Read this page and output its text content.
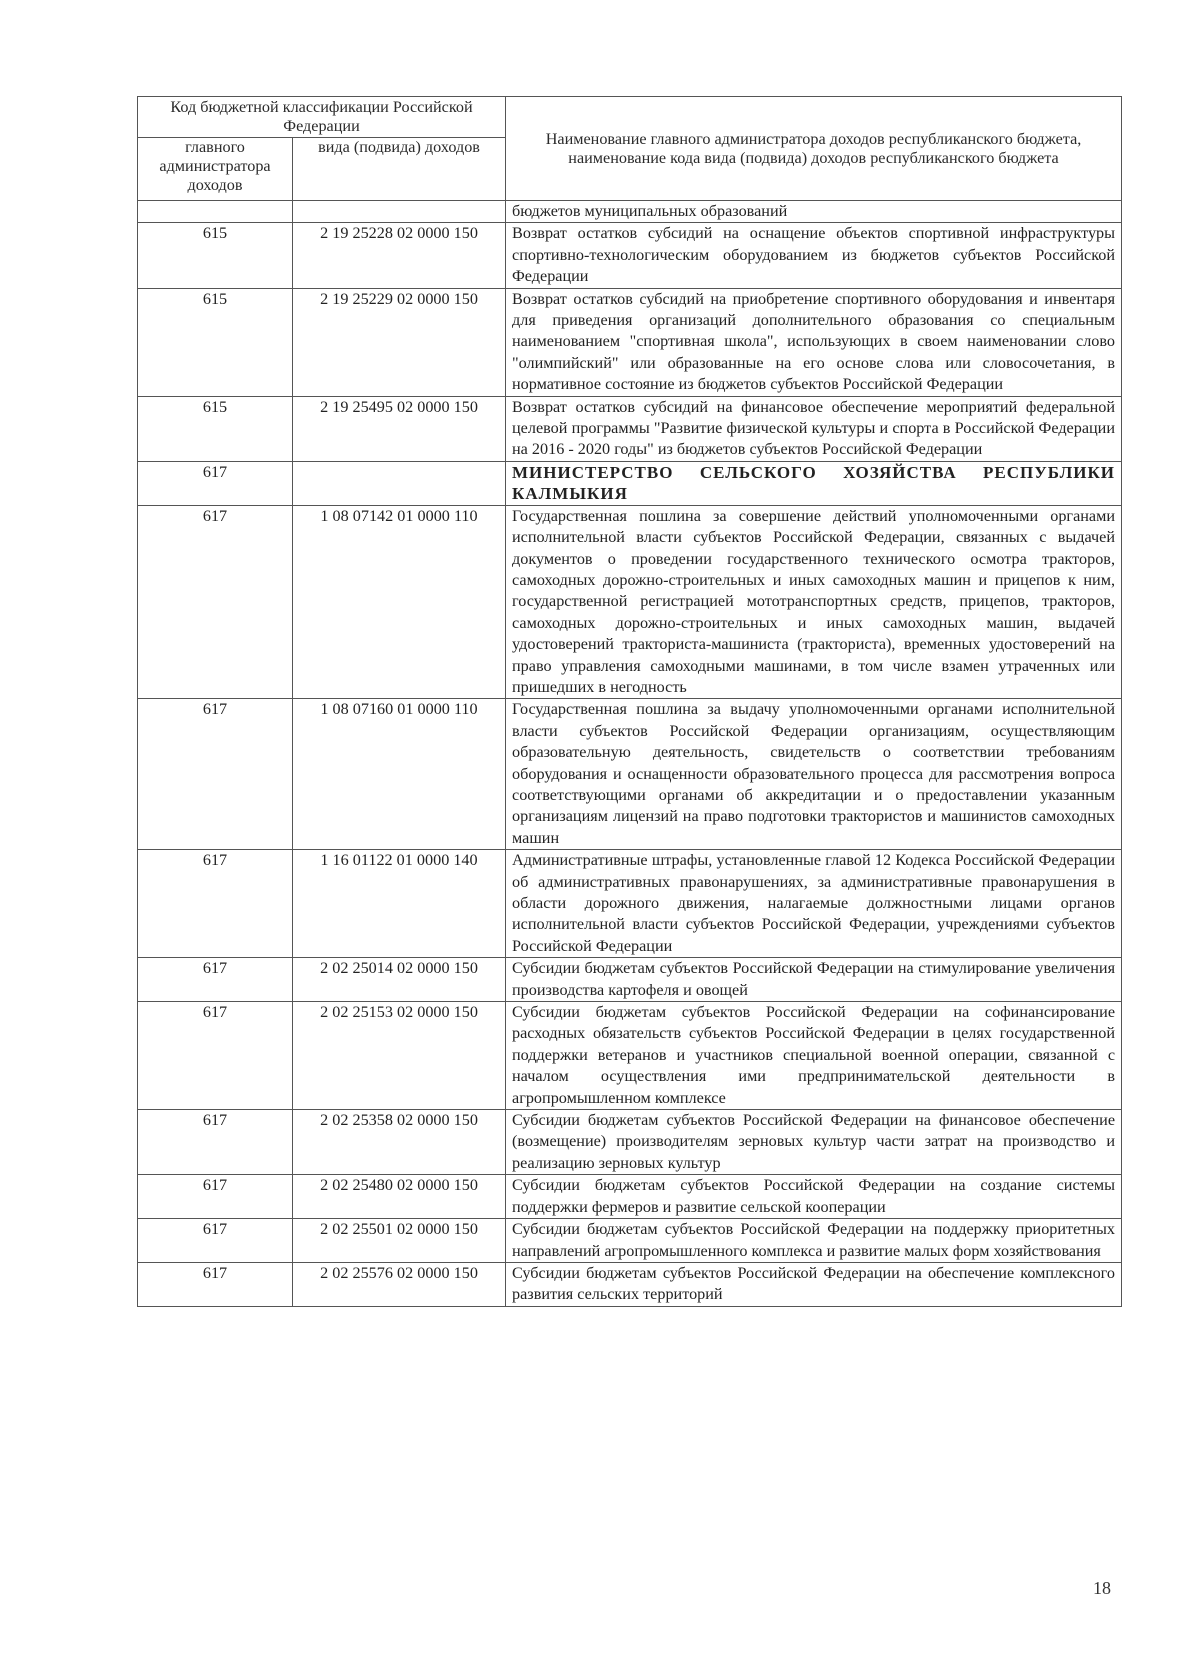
Код бюджетной классификации Российской Федерации		Наименование главного администратора доходов республиканского бюджета, наименование кода вида (подвида) доходов республиканского бюджета
главного администратора доходов	вида (подвида) доходов	
		бюджетов муниципальных образований
615	2 19 25228 02 0000 150	Возврат остатков субсидий на оснащение объектов спортивной инфраструктуры спортивно-технологическим оборудованием из бюджетов субъектов Российской Федерации
615	2 19 25229 02 0000 150	Возврат остатков субсидий на приобретение спортивного оборудования и инвентаря для приведения организаций дополнительного образования со специальным наименованием "спортивная школа", использующих в своем наименовании слово "олимпийский" или образованные на его основе слова или словосочетания, в нормативное состояние из бюджетов субъектов Российской Федерации
615	2 19 25495 02 0000 150	Возврат остатков субсидий на финансовое обеспечение мероприятий федеральной целевой программы "Развитие физической культуры и спорта в Российской Федерации на 2016 - 2020 годы" из бюджетов субъектов Российской Федерации
617		МИНИСТЕРСТВО СЕЛЬСКОГО ХОЗЯЙСТВА РЕСПУБЛИКИ КАЛМЫКИЯ
617	1 08 07142 01 0000 110	Государственная пошлина за совершение действий уполномоченными органами исполнительной власти субъектов Российской Федерации, связанных с выдачей документов о проведении государственного технического осмотра тракторов, самоходных дорожно-строительных и иных самоходных машин и прицепов к ним, государственной регистрацией мототранспортных средств, прицепов, тракторов, самоходных дорожно-строительных и иных самоходных машин, выдачей удостоверений тракториста-машиниста (тракториста), временных удостоверений на право управления самоходными машинами, в том числе взамен утраченных или пришедших в негодность
617	1 08 07160 01 0000 110	Государственная пошлина за выдачу уполномоченными органами исполнительной власти субъектов Российской Федерации организациям, осуществляющим образовательную деятельность, свидетельств о соответствии требованиям оборудования и оснащенности образовательного процесса для рассмотрения вопроса соответствующими органами об аккредитации и о предоставлении указанным организациям лицензий на право подготовки трактористов и машинистов самоходных машин
617	1 16 01122 01 0000 140	Административные штрафы, установленные главой 12 Кодекса Российской Федерации об административных правонарушениях, за административные правонарушения в области дорожного движения, налагаемые должностными лицами органов исполнительной власти субъектов Российской Федерации, учреждениями субъектов Российской Федерации
617	2 02 25014 02 0000 150	Субсидии бюджетам субъектов Российской Федерации на стимулирование увеличения производства картофеля и овощей
617	2 02 25153 02 0000 150	Субсидии бюджетам субъектов Российской Федерации на софинансирование расходных обязательств субъектов Российской Федерации в целях государственной поддержки ветеранов и участников специальной военной операции, связанной с началом осуществления ими предпринимательской деятельности в агропромышленном комплексе
617	2 02 25358 02 0000 150	Субсидии бюджетам субъектов Российской Федерации на финансовое обеспечение (возмещение) производителям зерновых культур части затрат на производство и реализацию зерновых культур
617	2 02 25480 02 0000 150	Субсидии бюджетам субъектов Российской Федерации на создание системы поддержки фермеров и развитие сельской кооперации
617	2 02 25501 02 0000 150	Субсидии бюджетам субъектов Российской Федерации на поддержку приоритетных направлений агропромышленного комплекса и развитие малых форм хозяйствования
617	2 02 25576 02 0000 150	Субсидии бюджетам субъектов Российской Федерации на обеспечение комплексного развития сельских территорий
18
